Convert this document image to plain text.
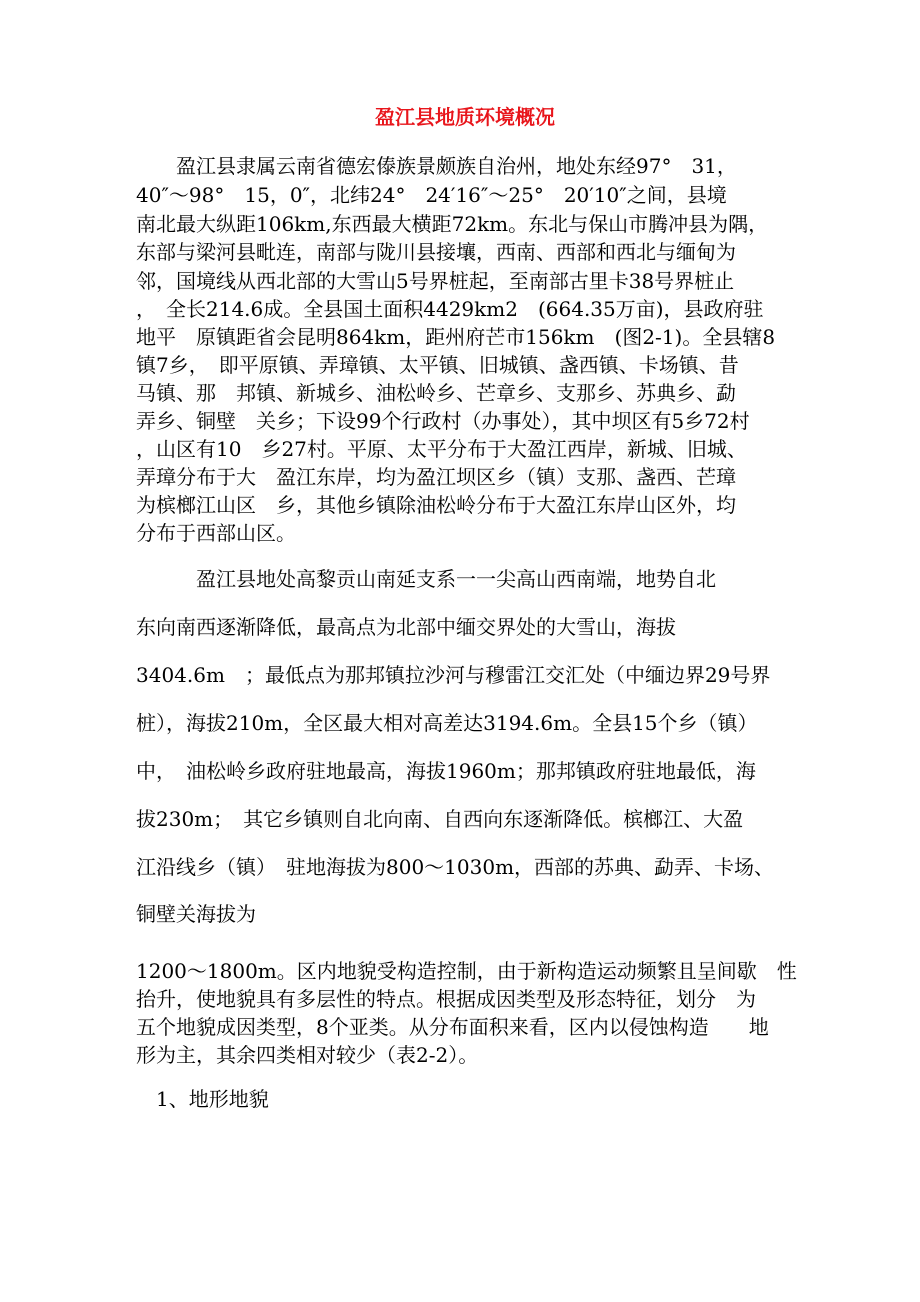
盈江县地质环境概况
　　盈江县隶属云南省德宏傣族景颇族自治州，地处东经97°　31，
40″～98°　15，0″，北纬24°　24′16″～25°　20′10″之间，县境
南北最大纵距106km,东西最大横距72km。东北与保山市腾冲县为隅，
东部与梁河县毗连，南部与陇川县接壤，西南、西部和西北与缅甸为
邻，国境线从西北部的大雪山5号界桩起，至南部古里卡38号界桩止
，　全长214.6成。全县国土面积4429km2　(664.35万亩)，县政府驻
地平　原镇距省会昆明864km，距州府芒市156km　(图2-1)。全县辖8
镇7乡，　即平原镇、弄璋镇、太平镇、旧城镇、盏西镇、卡场镇、昔
马镇、那　邦镇、新城乡、油松岭乡、芒章乡、支那乡、苏典乡、勐
弄乡、铜壁　关乡；下设99个行政村（办事处），其中坝区有5乡72村
，山区有10　乡27村。平原、太平分布于大盈江西岸，新城、旧城、
弄璋分布于大　盈江东岸，均为盈江坝区乡（镇）支那、盏西、芒璋
为槟榔江山区　乡，其他乡镇除油松岭分布于大盈江东岸山区外，均
分布于西部山区。
　　　盈江县地处高黎贡山南延支系一一尖高山西南端，地势自北
东向南西逐渐降低，最高点为北部中缅交界处的大雪山，海拔
3404.6m　；最低点为那邦镇拉沙河与穆雷江交汇处（中缅边界29号界
桩），海拔210m，全区最大相对高差达3194.6m。全县15个乡（镇）
中，　油松岭乡政府驻地最高，海拔1960m；那邦镇政府驻地最低，海
拔230m；　其它乡镇则自北向南、自西向东逐渐降低。槟榔江、大盈
江沿线乡（镇）　驻地海拔为800～1030m，西部的苏典、勐弄、卡场、
铜壁关海拔为
1200～1800m。区内地貌受构造控制，由于新构造运动频繁且呈间歇　性
抬升，使地貌具有多层性的特点。根据成因类型及形态特征，划分　为
五个地貌成因类型，8个亚类。从分布面积来看，区内以侵蚀构造　　地
形为主，其余四类相对较少（表2-2）。
　1、地形地貌
